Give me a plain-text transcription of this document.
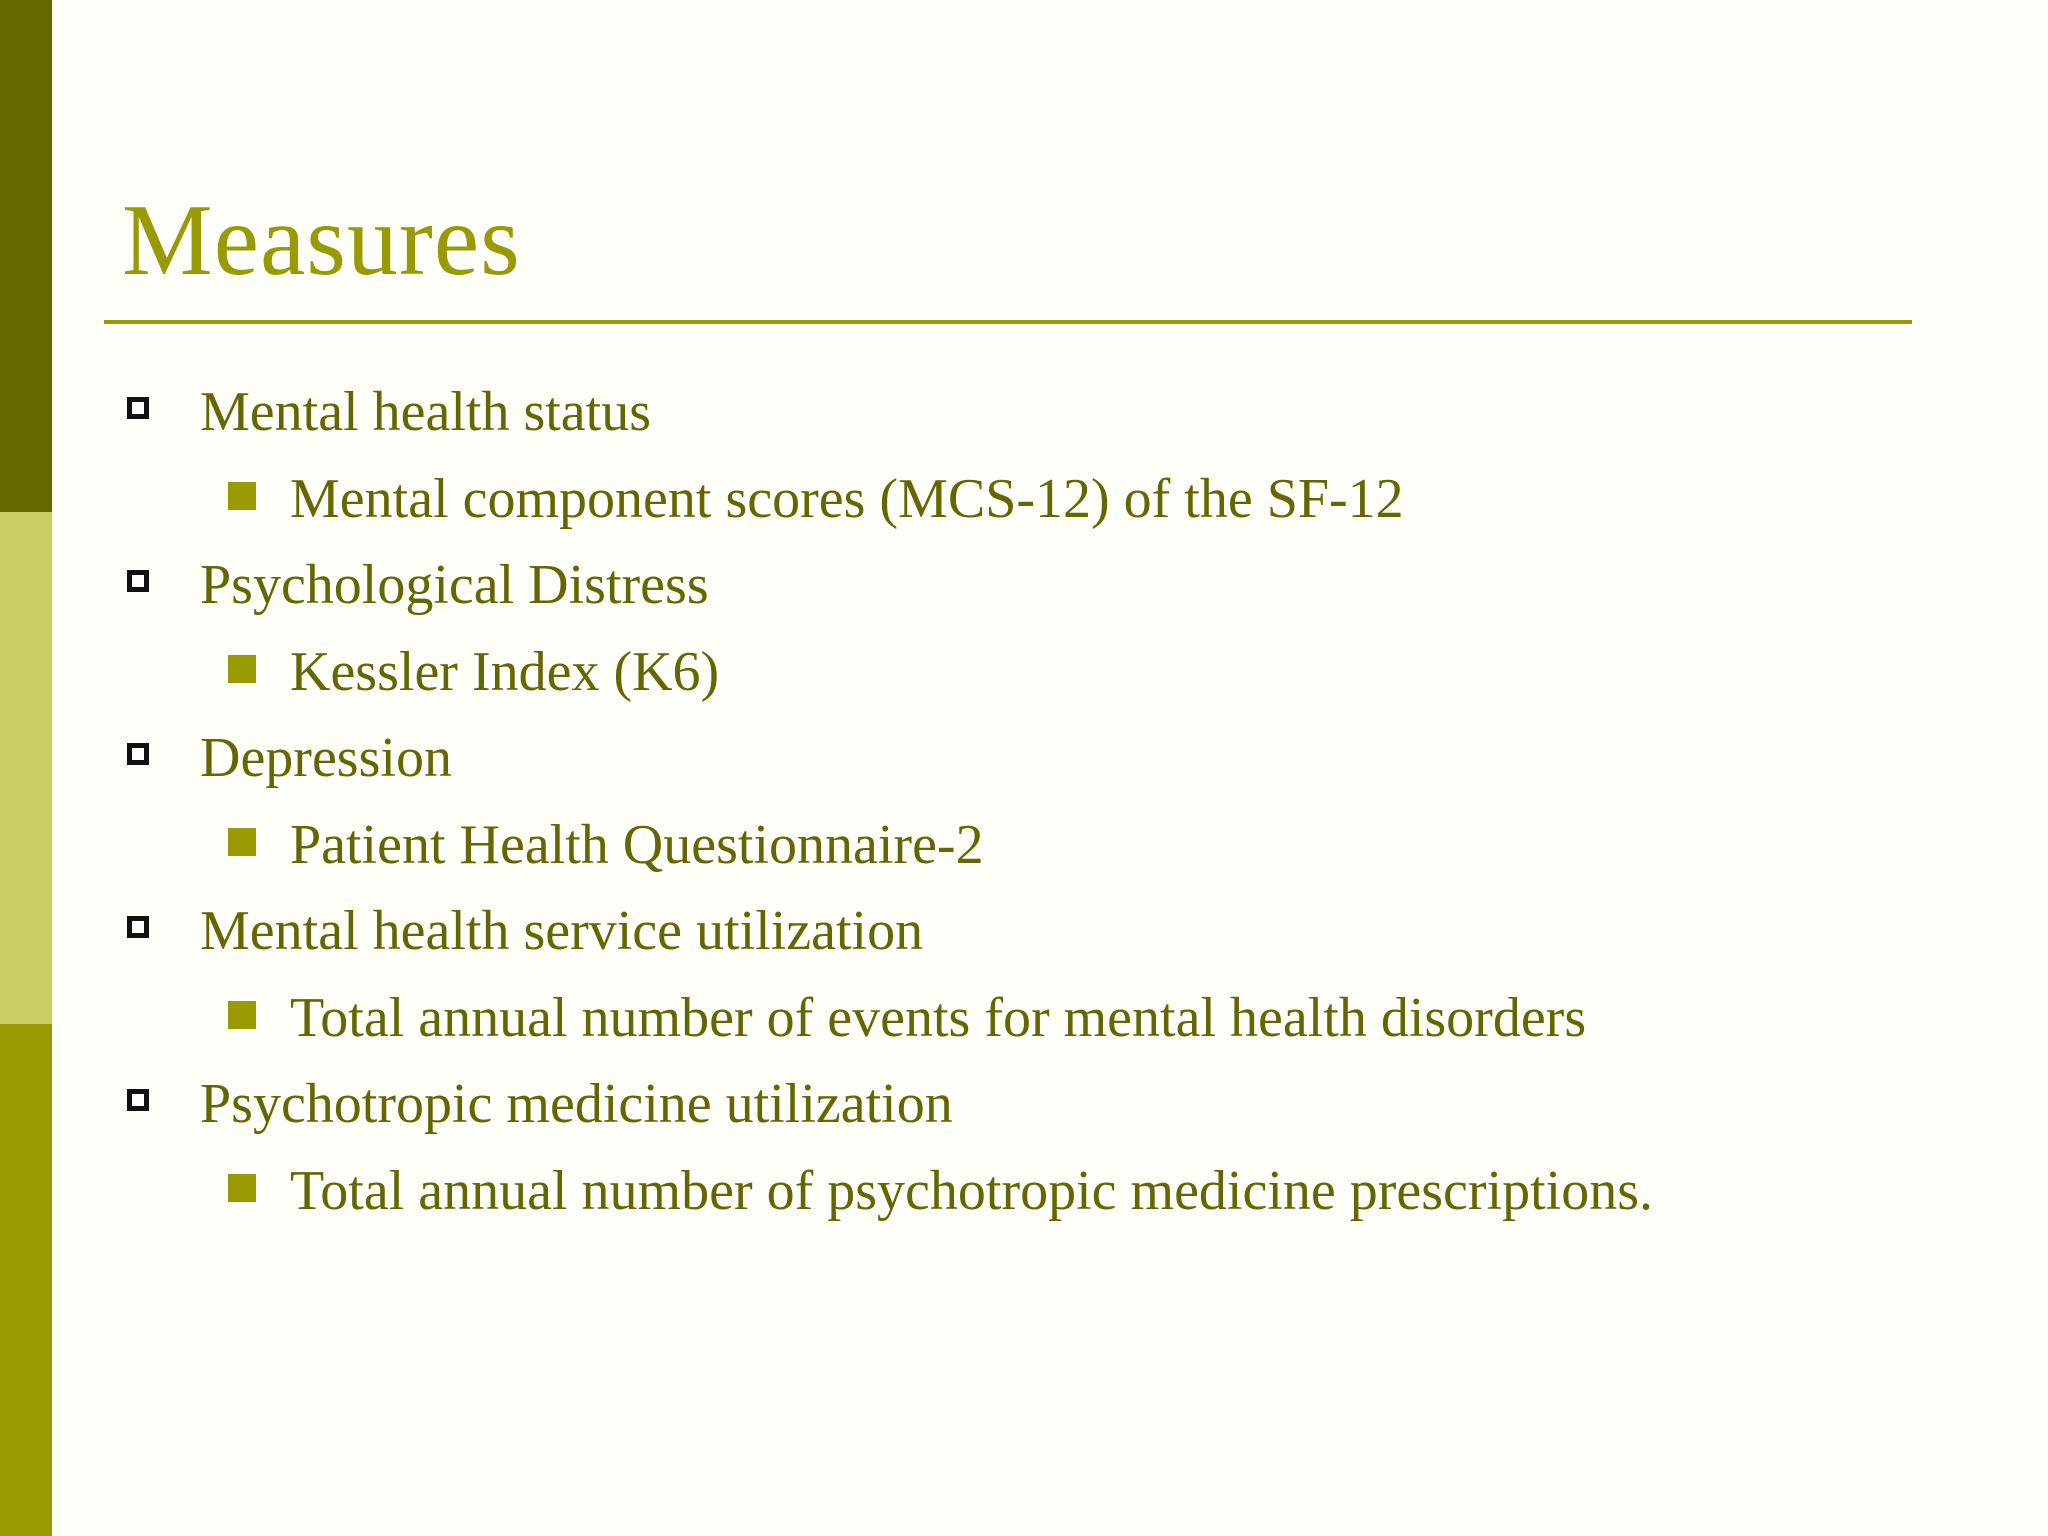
Measures
Mental health status
Mental component scores (MCS-12) of the SF-12
Psychological Distress
Kessler Index (K6)
Depression
Patient Health Questionnaire-2
Mental health service utilization
Total annual number of events for mental health disorders
Psychotropic medicine utilization
Total annual number of psychotropic medicine prescriptions.
